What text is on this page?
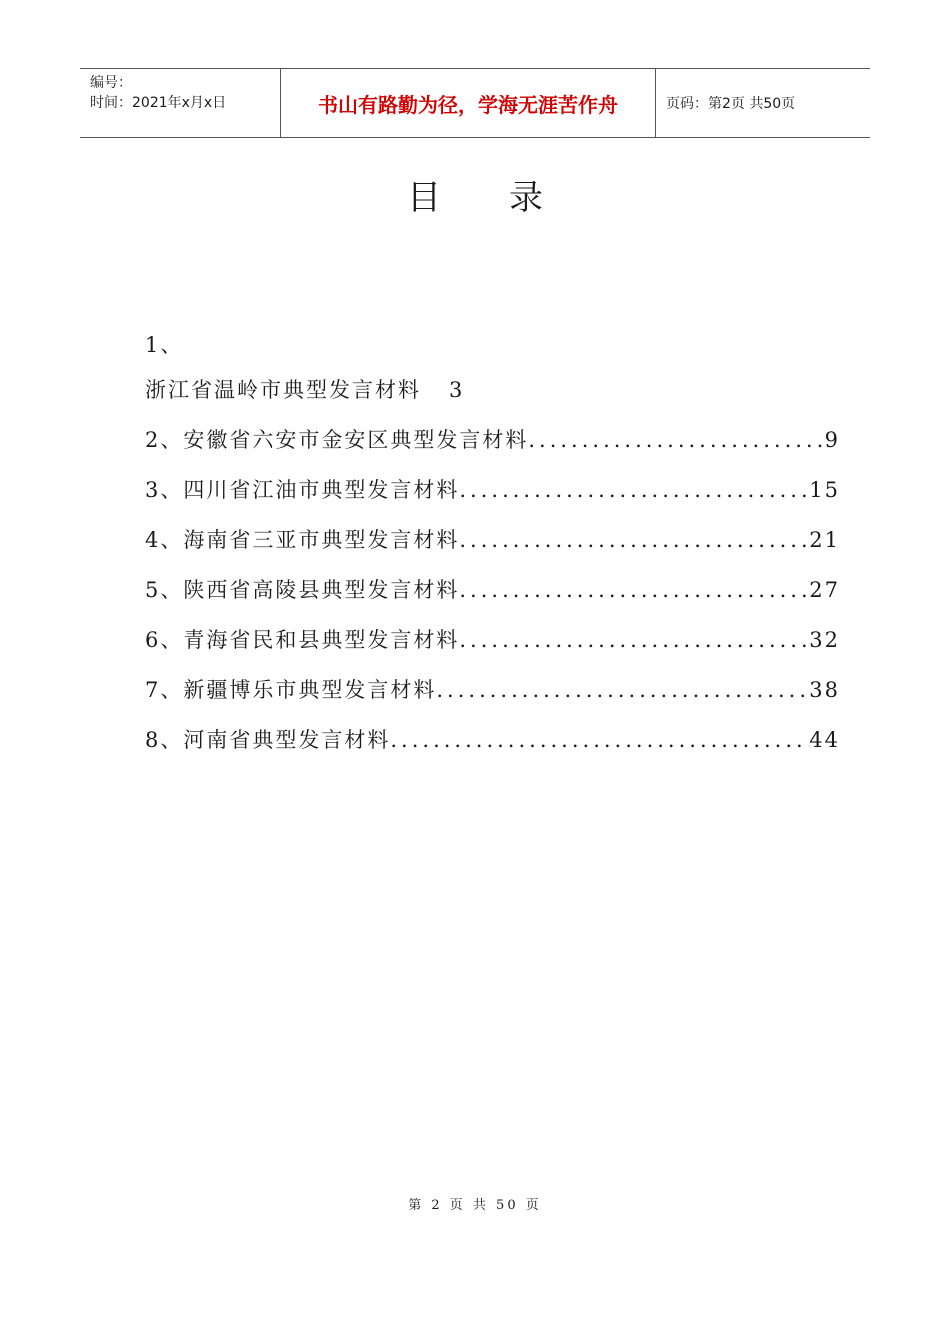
编号：
时间：2021年x月x日	书山有路勤为径，学海无涯苦作舟	页码：第2页 共50页
目录
1、
浙江省温岭市典型发言材料 3
2、安徽省六安市金安区典型发言材料 .....	9
3、四川省江油市典型发言材料 .....	15
4、海南省三亚市典型发言材料 .....	21
5、陕西省高陵县典型发言材料 .....	27
6、青海省民和县典型发言材料 .....	32
7、新疆博乐市典型发言材料 .....	38
8、河南省典型发言材料 .....	44
第 2 页 共 50 页
